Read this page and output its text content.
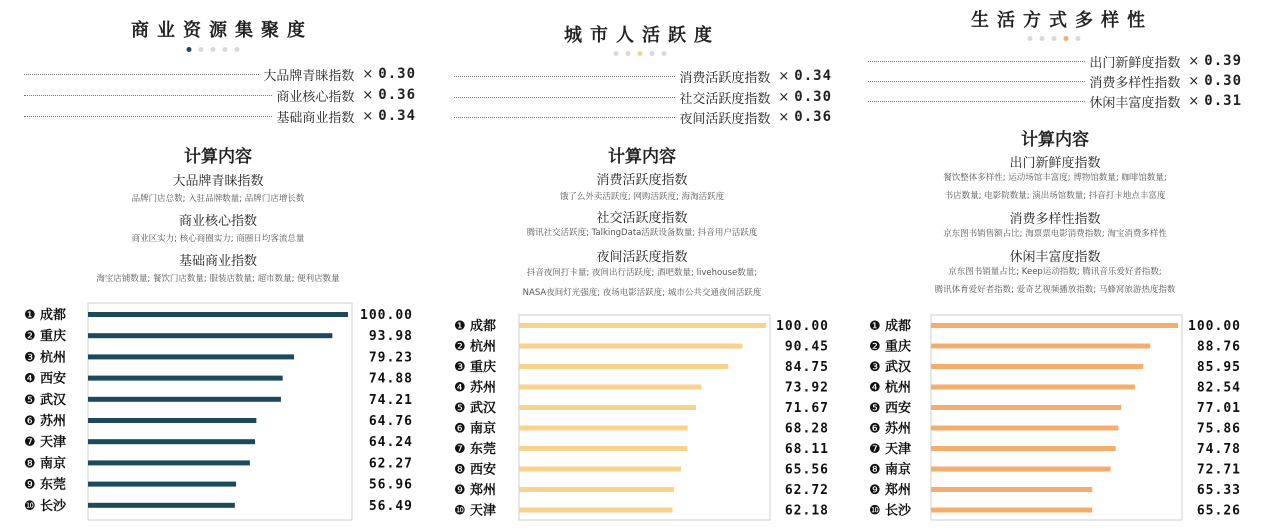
商业资源集聚度
大品牌青睐指数 × 0.30
商业核心指数 × 0.36
基础商业指数 × 0.34
计算内容
大品牌青睐指数
品牌门店总数; 入驻品牌数量; 品牌门店增长数
商业核心指数
商业区实力; 核心商圈实力; 商圈日均客流总量
基础商业指数
淘宝店铺数量; 餐饮门店数量; 服装店数量; 超市数量; 便利店数量
城市人活跃度
消费活跃度指数 × 0.34
社交活跃度指数 × 0.30
夜间活跃度指数 × 0.36
计算内容
消费活跃度指数
饿了么外卖活跃度; 网购活跃度; 海淘活跃度
社交活跃度指数
腾讯社交活跃度; TalkingData活跃设备数量; 抖音用户活跃度
夜间活跃度指数
抖音夜间打卡量; 夜间出行活跃度; 酒吧数量; livehouse数量;
NASA夜间灯光强度; 夜场电影活跃度; 城市公共交通夜间活跃度
生活方式多样性
出门新鲜度指数 × 0.39
消费多样性指数 × 0.30
休闲丰富度指数 × 0.31
计算内容
出门新鲜度指数
餐饮整体多样性; 运动场馆丰富度; 博物馆数量; 咖啡馆数量;
书店数量; 电影院数量; 演出场馆数量; 抖音打卡地点丰富度
消费多样性指数
京东图书销售额占比; 淘票票电影消费指数; 淘宝消费多样性
休闲丰富度指数
京东图书销量占比; Keep运动指数; 腾讯音乐爱好者指数;
腾讯体育爱好者指数; 爱奇艺视频播放指数; 马蜂窝旅游热度指数
❶ 成都	100.00
❷ 重庆	93.98
❸ 杭州	79.23
❹ 西安	74.88
❺ 武汉	74.21
❻ 苏州	64.76
❼ 天津	64.24
❽ 南京	62.27
❾ 东莞	56.96
❿ 长沙	56.49
❶ 成都	100.00
❷ 杭州	90.45
❸ 重庆	84.75
❹ 苏州	73.92
❺ 武汉	71.67
❻ 南京	68.28
❼ 东莞	68.11
❽ 西安	65.56
❾ 郑州	62.72
❿ 天津	62.18
❶ 成都	100.00
❷ 重庆	88.76
❸ 武汉	85.95
❹ 杭州	82.54
❺ 西安	77.01
❻ 苏州	75.86
❼ 天津	74.78
❽ 南京	72.71
❾ 郑州	65.33
❿ 长沙	65.26
